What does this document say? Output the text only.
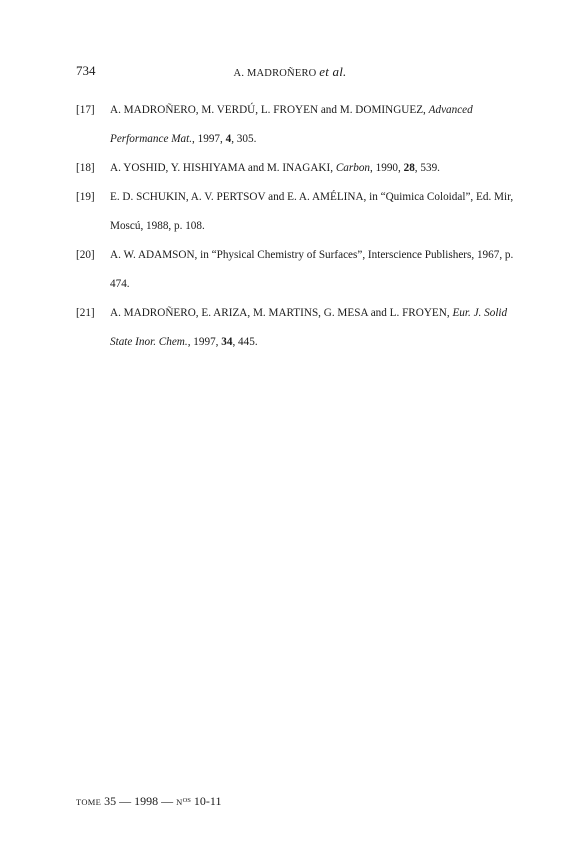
734	A. MADROÑERO et al.
[17] A. MADROÑERO, M. VERDÚ, L. FROYEN and M. DOMINGUEZ, Advanced Performance Mat., 1997, 4, 305.
[18] A. YOSHID, Y. HISHIYAMA and M. INAGAKI, Carbon, 1990, 28, 539.
[19] E. D. SCHUKIN, A. V. PERTSOV and E. A. AMÉLINA, in “Quimica Coloidal”, Ed. Mir, Moscú, 1988, p. 108.
[20] A. W. ADAMSON, in “Physical Chemistry of Surfaces”, Interscience Publishers, 1967, p. 474.
[21] A. MADROÑERO, E. ARIZA, M. MARTINS, G. MESA and L. FROYEN, Eur. J. Solid State Inor. Chem., 1997, 34, 445.
TOME 35 — 1998 — $N^{OS}$ 10-11
